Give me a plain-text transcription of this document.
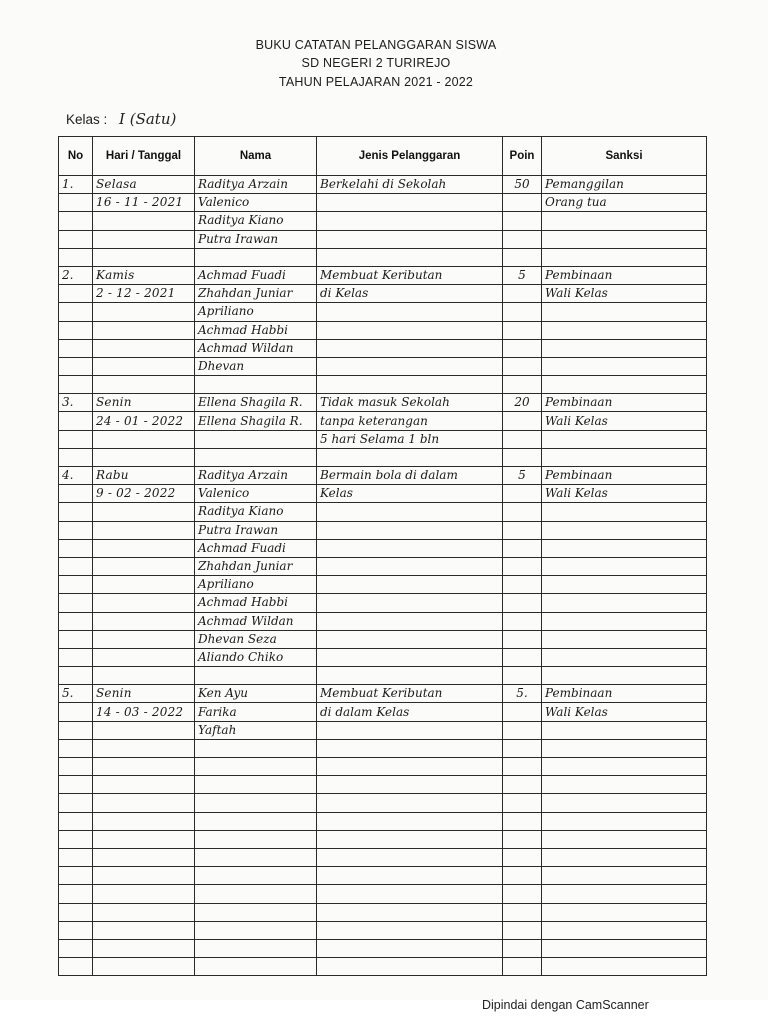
BUKU CATATAN PELANGGARAN SISWA
SD NEGERI 2 TURIREJO
TAHUN PELAJARAN 2021 - 2022
Kelas : I (Satu)
No	Hari / Tanggal	Nama	Jenis Pelanggaran	Poin	Sanksi
1.	Selasa	Raditya Arzain	Berkelahi di Sekolah	50	Pemanggilan
	16 - 11 - 2021	Valenico			Orang tua
		Raditya Kiano			
		Putra Irawan			

2.	Kamis	Achmad Fuadi	Membuat Keributan	5	Pembinaan
	2 - 12 - 2021	Zhahdan Juniar	di Kelas		Wali Kelas
		Apriliano			
		Achmad Habbi			
		Achmad Wildan			
		Dhevan			

3.	Senin	Ellena Shagila R.	Tidak masuk Sekolah	20	Pembinaan
	24 - 01 - 2022	Ellena Shagila R.	tanpa keterangan		Wali Kelas
			5 hari Selama 1 bln		

4.	Rabu	Raditya Arzain	Bermain bola di dalam	5	Pembinaan
	9 - 02 - 2022	Valenico	Kelas		Wali Kelas
		Raditya Kiano			
		Putra Irawan			
		Achmad Fuadi			
		Zhahdan Juniar			
		Apriliano			
		Achmad Habbi			
		Achmad Wildan			
		Dhevan Seza			
		Aliando Chiko			

5.	Senin	Ken Ayu	Membuat Keributan	5.	Pembinaan
	14 - 03 - 2022	Farika	di dalam Kelas		Wali Kelas
		Yaftah			

Dipindai dengan CamScanner
